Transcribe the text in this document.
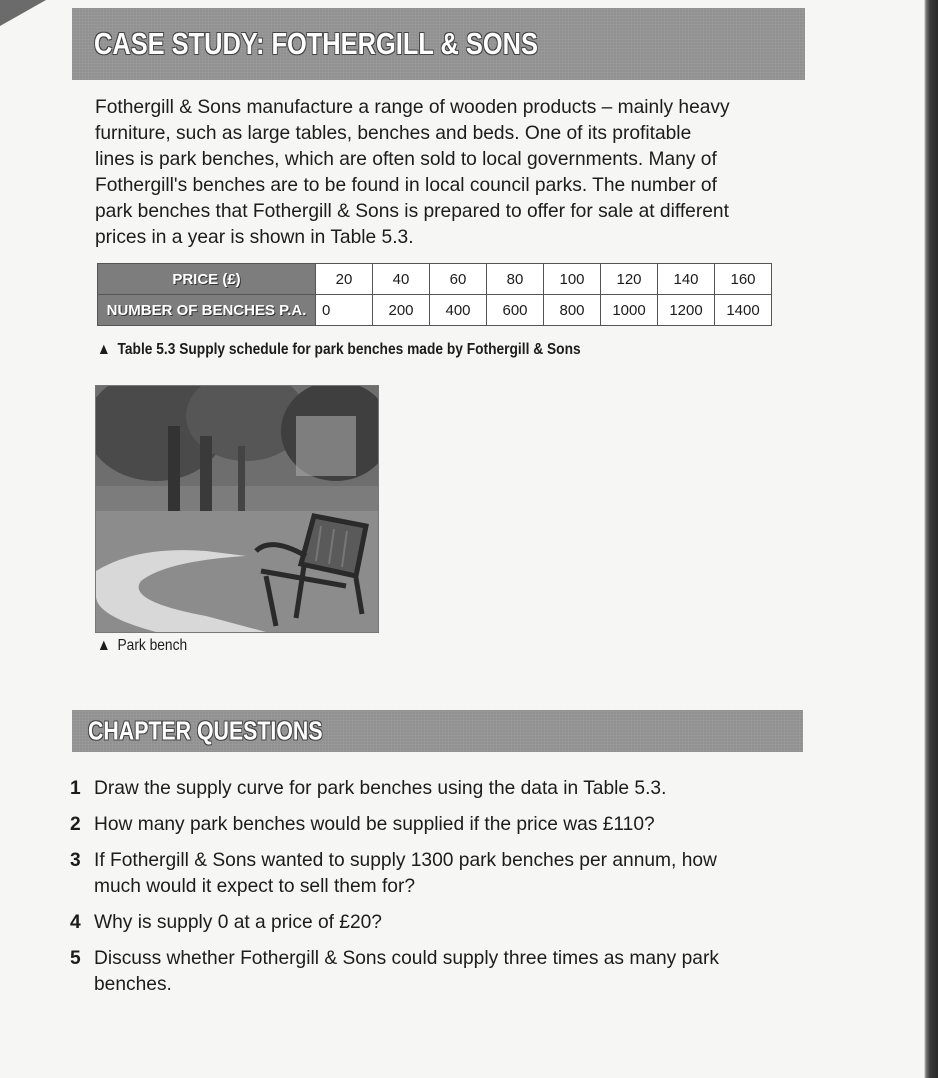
CASE STUDY: FOTHERGILL & SONS
Fothergill & Sons manufacture a range of wooden products – mainly heavy
furniture, such as large tables, benches and beds. One of its profitable
lines is park benches, which are often sold to local governments. Many of
Fothergill's benches are to be found in local council parks. The number of
park benches that Fothergill & Sons is prepared to offer for sale at different
prices in a year is shown in Table 5.3.
PRICE (£)	20	40	60	80	100	120	140	160
NUMBER OF BENCHES P.A.	0	200	400	600	800	1000	1200	1400
▲ Table 5.3 Supply schedule for park benches made by Fothergill & Sons
▲ Park bench
CHAPTER QUESTIONS
1 Draw the supply curve for park benches using the data in Table 5.3.
2 How many park benches would be supplied if the price was £110?
3 If Fothergill & Sons wanted to supply 1300 park benches per annum, how
much would it expect to sell them for?
4 Why is supply 0 at a price of £20?
5 Discuss whether Fothergill & Sons could supply three times as many park
benches.
